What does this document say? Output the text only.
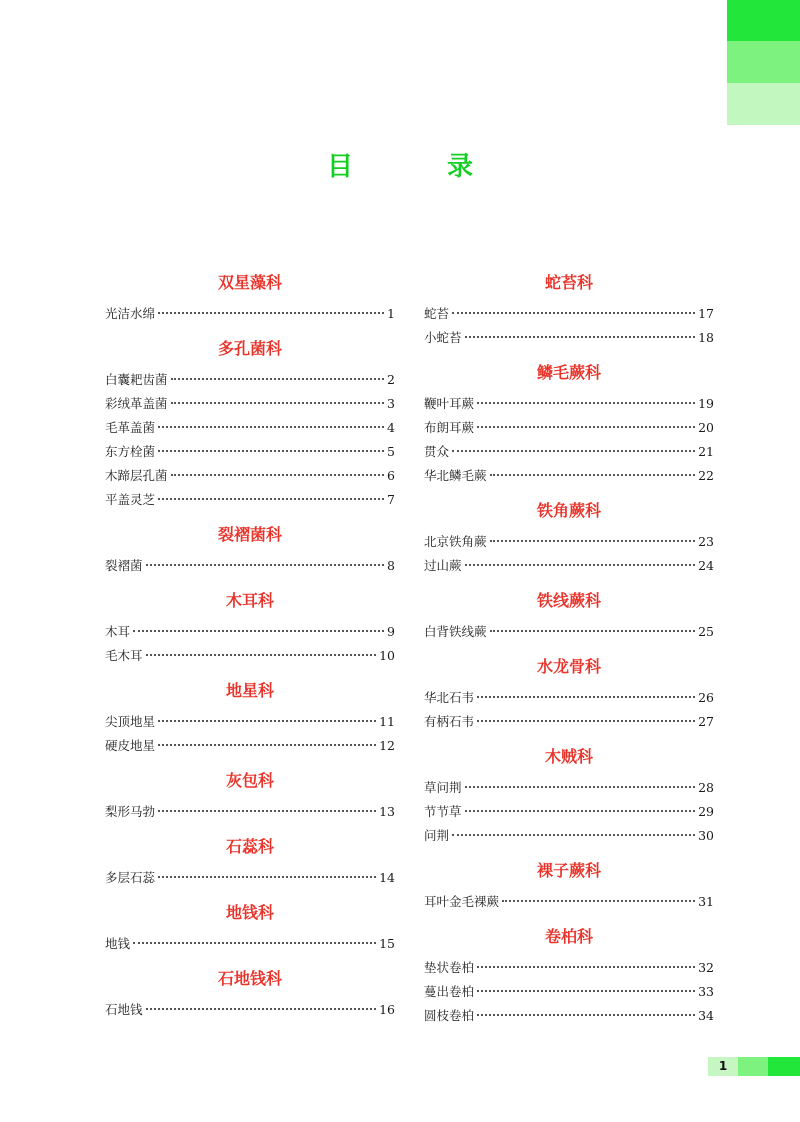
目　录
双星藻科
光洁水绵	1
多孔菌科
白囊耙齿菌	2
彩绒革盖菌	3
毛革盖菌	4
东方栓菌	5
木蹄层孔菌	6
平盖灵芝	7
裂褶菌科
裂褶菌	8
木耳科
木耳	9
毛木耳	10
地星科
尖顶地星	11
硬皮地星	12
灰包科
梨形马勃	13
石蕊科
多层石蕊	14
地钱科
地钱	15
石地钱科
石地钱	16
蛇苔科
蛇苔	17
小蛇苔	18
鳞毛蕨科
鞭叶耳蕨	19
布朗耳蕨	20
贯众	21
华北鳞毛蕨	22
铁角蕨科
北京铁角蕨	23
过山蕨	24
铁线蕨科
白背铁线蕨	25
水龙骨科
华北石韦	26
有柄石韦	27
木贼科
草问荆	28
节节草	29
问荆	30
裸子蕨科
耳叶金毛裸蕨	31
卷柏科
垫状卷柏	32
蔓出卷柏	33
圆枝卷柏	34
1
